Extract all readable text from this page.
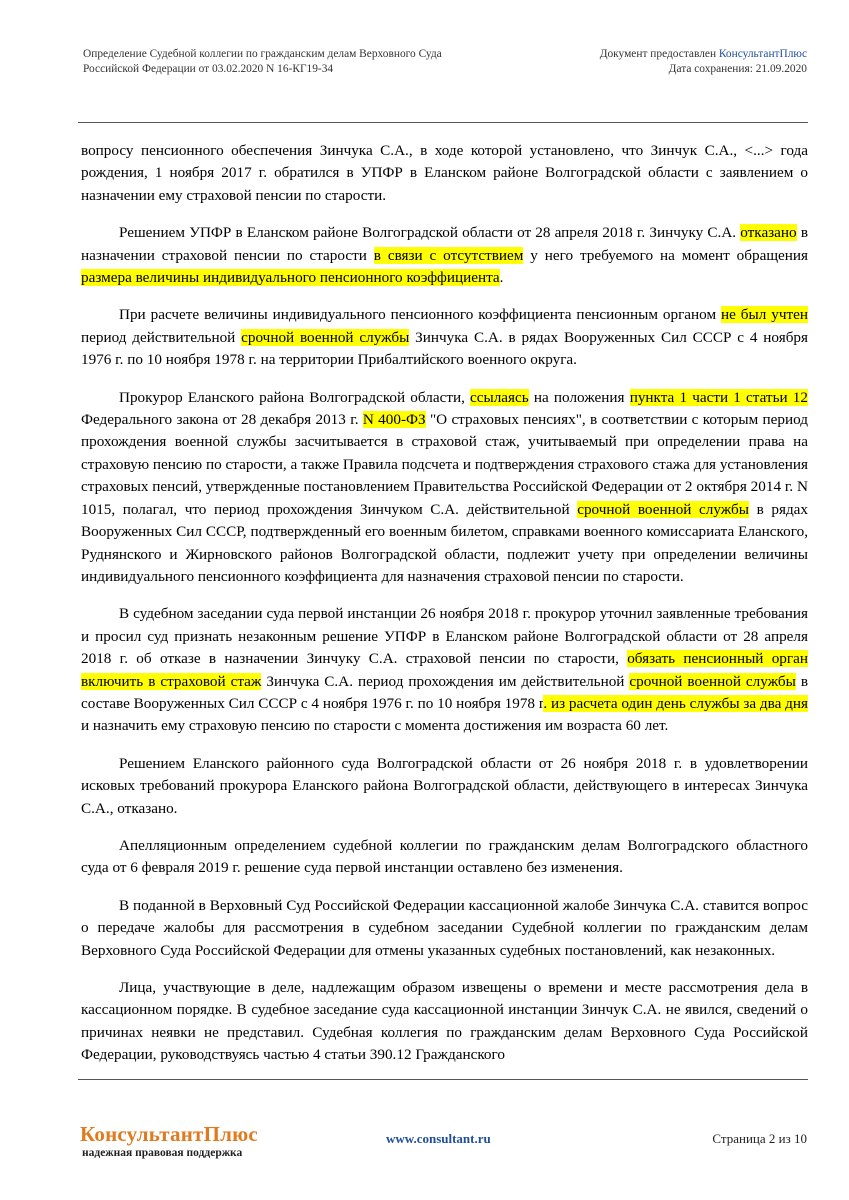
Определение Судебной коллегии по гражданским делам Верховного Суда
Российской Федерации от 03.02.2020 N 16-КГ19-34
Документ предоставлен КонсультантПлюс
Дата сохранения: 21.09.2020

вопросу пенсионного обеспечения Зинчука С.А., в ходе которой установлено, что Зинчук С.А., <...> года рождения, 1 ноября 2017 г. обратился в УПФР в Еланском районе Волгоградской области с заявлением о назначении ему страховой пенсии по старости.

Решением УПФР в Еланском районе Волгоградской области от 28 апреля 2018 г. Зинчуку С.А. отказано в назначении страховой пенсии по старости в связи с отсутствием у него требуемого на момент обращения размера величины индивидуального пенсионного коэффициента.

При расчете величины индивидуального пенсионного коэффициента пенсионным органом не был учтен период действительной срочной военной службы Зинчука С.А. в рядах Вооруженных Сил СССР с 4 ноября 1976 г. по 10 ноября 1978 г. на территории Прибалтийского военного округа.

Прокурор Еланского района Волгоградской области, ссылаясь на положения пункта 1 части 1 статьи 12 Федерального закона от 28 декабря 2013 г. N 400-ФЗ "О страховых пенсиях", в соответствии с которым период прохождения военной службы засчитывается в страховой стаж, учитываемый при определении права на страховую пенсию по старости, а также Правила подсчета и подтверждения страхового стажа для установления страховых пенсий, утвержденные постановлением Правительства Российской Федерации от 2 октября 2014 г. N 1015, полагал, что период прохождения Зинчуком С.А. действительной срочной военной службы в рядах Вооруженных Сил СССР, подтвержденный его военным билетом, справками военного комиссариата Еланского, Руднянского и Жирновского районов Волгоградской области, подлежит учету при определении величины индивидуального пенсионного коэффициента для назначения страховой пенсии по старости.

В судебном заседании суда первой инстанции 26 ноября 2018 г. прокурор уточнил заявленные требования и просил суд признать незаконным решение УПФР в Еланском районе Волгоградской области от 28 апреля 2018 г. об отказе в назначении Зинчуку С.А. страховой пенсии по старости, обязать пенсионный орган включить в страховой стаж Зинчука С.А. период прохождения им действительной срочной военной службы в составе Вооруженных Сил СССР с 4 ноября 1976 г. по 10 ноября 1978 г. из расчета один день службы за два дня и назначить ему страховую пенсию по старости с момента достижения им возраста 60 лет.

Решением Еланского районного суда Волгоградской области от 26 ноября 2018 г. в удовлетворении исковых требований прокурора Еланского района Волгоградской области, действующего в интересах Зинчука С.А., отказано.

Апелляционным определением судебной коллегии по гражданским делам Волгоградского областного суда от 6 февраля 2019 г. решение суда первой инстанции оставлено без изменения.

В поданной в Верховный Суд Российской Федерации кассационной жалобе Зинчука С.А. ставится вопрос о передаче жалобы для рассмотрения в судебном заседании Судебной коллегии по гражданским делам Верховного Суда Российской Федерации для отмены указанных судебных постановлений, как незаконных.

Лица, участвующие в деле, надлежащим образом извещены о времени и месте рассмотрения дела в кассационном порядке. В судебное заседание суда кассационной инстанции Зинчук С.А. не явился, сведений о причинах неявки не представил. Судебная коллегия по гражданским делам Верховного Суда Российской Федерации, руководствуясь частью 4 статьи 390.12 Гражданского

КонсультантПлюс
надежная правовая поддержка
www.consultant.ru	Страница 2 из 10
